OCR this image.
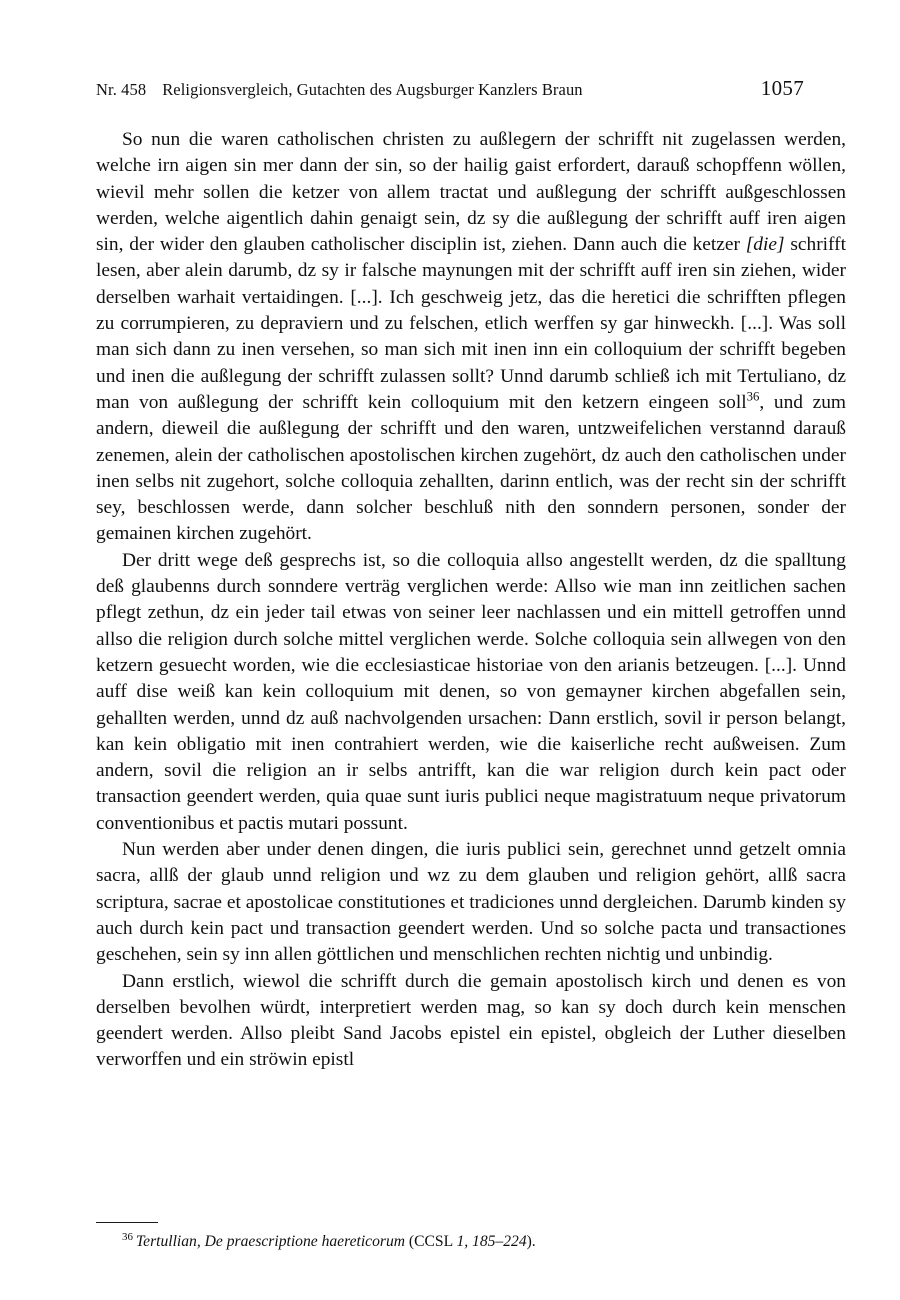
Nr. 458 Religionsvergleich, Gutachten des Augsburger Kanzlers Braun	1057

So nun die waren catholischen christen zu außlegern der schrifft nit zugelassen werden, welche irn aigen sin mer dann der sin, so der hailig gaist erfordert, darauß schopffenn wöllen, wievil mehr sollen die ketzer von allem tractat und außlegung der schrifft außgeschlossen werden, welche aigentlich dahin genaigt sein, dz sy die außlegung der schrifft auff iren aigen sin, der wider den glauben catholischer disciplin ist, ziehen. Dann auch die ketzer [die] schrifft lesen, aber alein darumb, dz sy ir falsche maynungen mit der schrifft auff iren sin ziehen, wider derselben warhait vertaidingen. [...]. Ich geschweig jetz, das die heretici die schrifften pflegen zu corrumpieren, zu depraviern und zu felschen, etlich werffen sy gar hinweckh. [...]. Was soll man sich dann zu inen versehen, so man sich mit inen inn ein colloquium der schrifft begeben und inen die außlegung der schrifft zulassen sollt? Unnd darumb schließ ich mit Tertuliano, dz man von außlegung der schrifft kein colloquium mit den ketzern eingeen soll$^{36}$, und zum andern, dieweil die außlegung der schrifft und den waren, untzweifelichen verstannd darauß zenemen, alein der catholischen apostolischen kirchen zugehört, dz auch den catholischen under inen selbs nit zugehort, solche colloquia zehallten, darinn entlich, was der recht sin der schrifft sey, beschlossen werde, dann solcher beschluß nith den sonndern personen, sonder der gemainen kirchen zugehört.

Der dritt wege deß gesprechs ist, so die colloquia allso angestellt werden, dz die spalltung deß glaubenns durch sonndere verträg verglichen werde: Allso wie man inn zeitlichen sachen pflegt zethun, dz ein jeder tail etwas von seiner leer nachlassen und ein mittell getroffen unnd allso die religion durch solche mittel verglichen werde. Solche colloquia sein allwegen von den ketzern gesuecht worden, wie die ecclesiasticae historiae von den arianis betzeugen. [...]. Unnd auff dise weiß kan kein colloquium mit denen, so von gemayner kirchen abgefallen sein, gehallten werden, unnd dz auß nachvolgenden ursachen: Dann erstlich, sovil ir person belangt, kan kein obligatio mit inen contrahiert werden, wie die kaiserliche recht außweisen. Zum andern, sovil die religion an ir selbs antrifft, kan die war religion durch kein pact oder transaction geendert werden, quia quae sunt iuris publici neque magistratuum neque privatorum conventionibus et pactis mutari possunt.

Nun werden aber under denen dingen, die iuris publici sein, gerechnet unnd getzelt omnia sacra, allß der glaub unnd religion und wz zu dem glauben und religion gehört, allß sacra scriptura, sacrae et apostolicae constitutiones et tradiciones unnd dergleichen. Darumb kinden sy auch durch kein pact und transaction geendert werden. Und so solche pacta und transactiones geschehen, sein sy inn allen göttlichen und menschlichen rechten nichtig und unbindig.

Dann erstlich, wiewol die schrifft durch die gemain apostolisch kirch und denen es von derselben bevolhen würdt, interpretiert werden mag, so kan sy doch durch kein menschen geendert werden. Allso pleibt Sand Jacobs epistel ein epistel, obgleich der Luther dieselben verworffen und ein ströwin epistl

$^{36}$ Tertullian, De praescriptione haereticorum (CCSL 1, 185–224).
